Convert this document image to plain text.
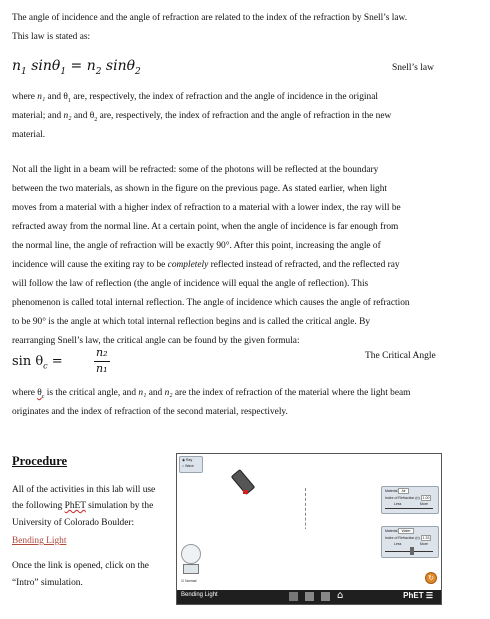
The angle of incidence and the angle of refraction are related to the index of the refraction by Snell’s law.

This law is stated as:

$n_1$ $\sin\theta_1 = n_2$ sinθ$_2$	Snell’s law

where n₁ and $\theta_1$ are, respectively, the index of refraction and the angle of incidence in the original

material; and n₂ and $\theta_2$ are, respectively, the index of refraction and the angle of refraction in the new

material.

Not all the light in a beam will be refracted: some of the photons will be reflected at the boundary

between the two materials, as shown in the figure on the previous page. As stated earlier, when light

moves from a material with a higher index of refraction to a material with a lower index, the ray will be

refracted away from the normal line. At a certain point, when the angle of incidence is far enough from

the normal line, the angle of refraction will be exactly 90°. After this point, increasing the angle of

incidence will cause the exiting ray to be completely reflected instead of refracted, and the reflected ray

will follow the law of reflection (the angle of incidence will equal the angle of reflection). This

phenomenon is called total internal reflection. The angle of incidence which causes the angle of refraction

to be 90° is the angle at which total internal reflection begins and is called the critical angle. By

rearranging Snell’s law, the critical angle can be found by the given formula:

$\sin \theta_c$ =
n₂
n₁
The Critical Angle

where $\theta_c$ is the critical angle, and n₁ and n₂ are the index of refraction of the material where the light beam

originates and the index of refraction of the second material, respectively.

Procedure

All of the activities in this lab will use

the following PhET simulation by the

University of Colorado Boulder:

Bending Light

Once the link is opened, click on the

“Intro” simulation.

◉ Ray
○ Wave
Material Air
Index of Refraction (n) 1.00
Less	More
Material Water
Index of Refraction (n) 1.33
Less	More
☑ Normal	↻
Bending Light	⌂	PhET ☰
